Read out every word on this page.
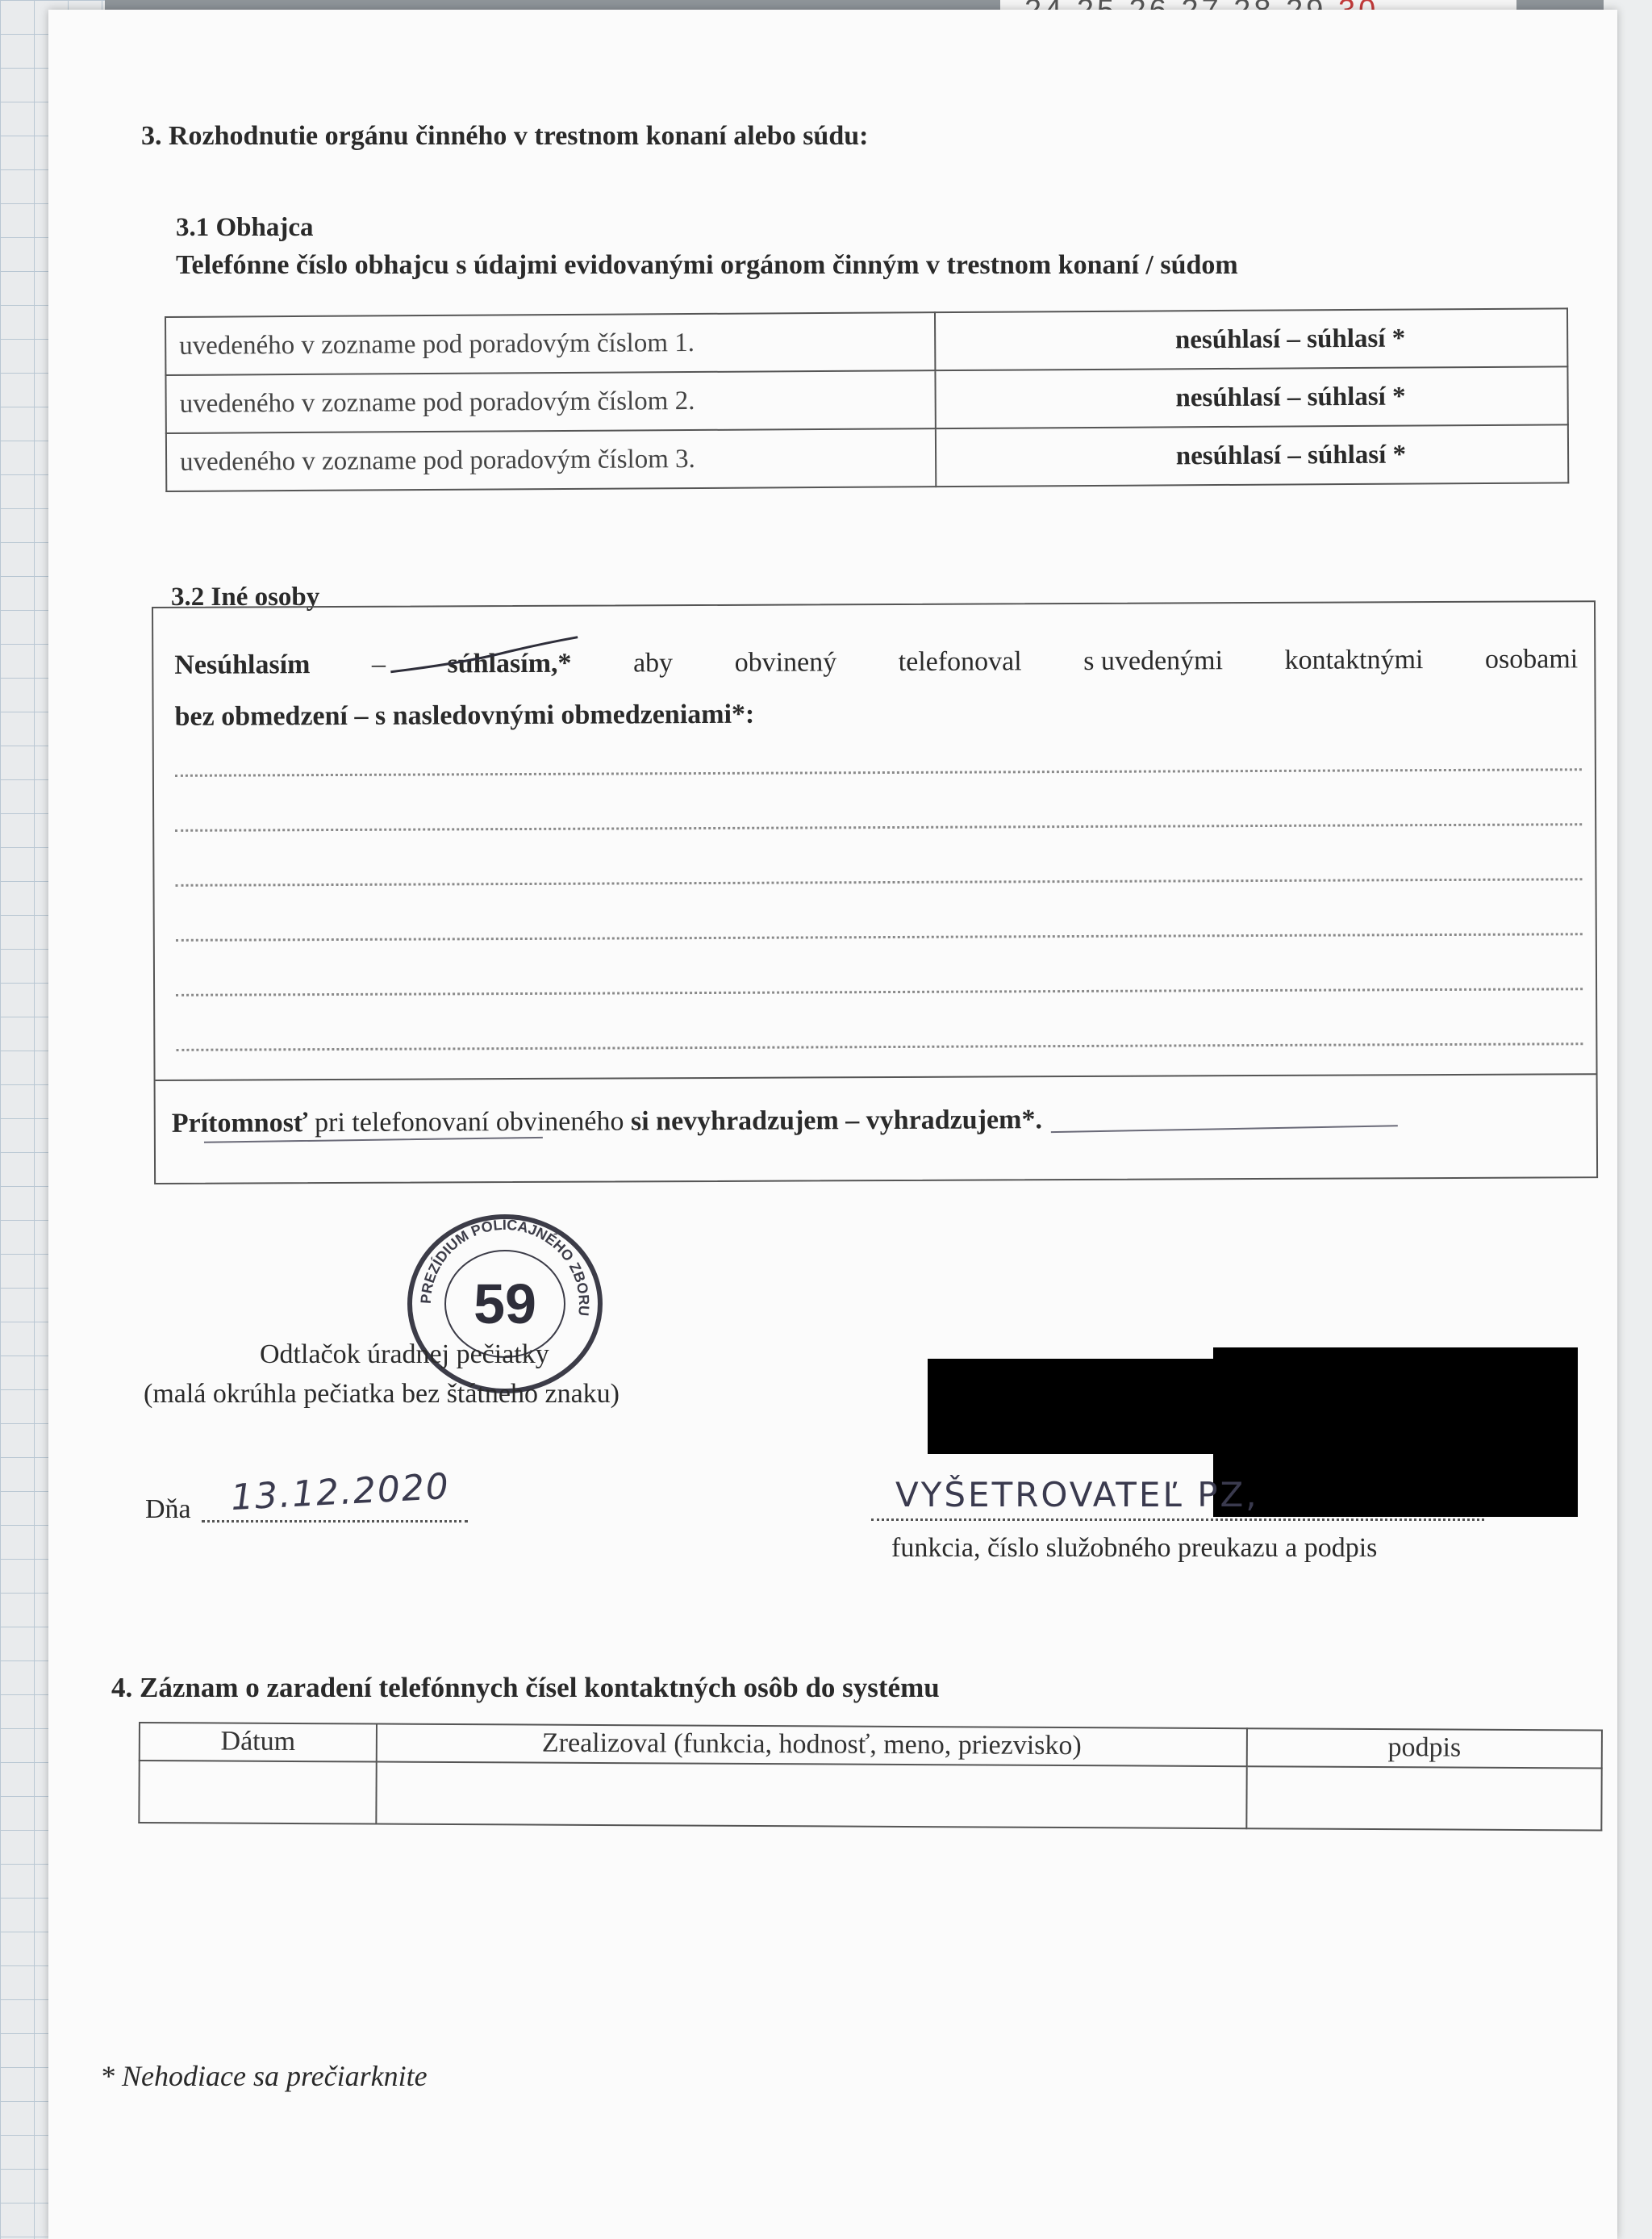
3. Rozhodnutie orgánu činného v trestnom konaní alebo súdu:
3.1 Obhajca
Telefónne číslo obhajcu s údajmi evidovanými orgánom činným v trestnom konaní / súdom
uvedeného v zozname pod poradovým číslom 1.	nesúhlasí – súhlasí *
uvedeného v zozname pod poradovým číslom 2.	nesúhlasí – súhlasí *
uvedeného v zozname pod poradovým číslom 3.	nesúhlasí – súhlasí *
3.2 Iné osoby
Nesúhlasím – súhlasím,* aby obvinený telefonoval s uvedenými kontaktnými osobami
bez obmedzení – s nasledovnými obmedzeniami*:
Prítomnosť pri telefonovaní obvineného si nevyhradzujem – vyhradzujem*.
PREZÍDIUM POLICAJNÉHO ZBORU
59
Odtlačok úradnej pečiatky
(malá okrúhla pečiatka bez štátneho znaku)
Dňa 13.12.2020	VYŠETROVATEĽ PZ,
funkcia, číslo služobného preukazu a podpis
4. Záznam o zaradení telefónnych čísel kontaktných osôb do systému
Dátum	Zrealizoval (funkcia, hodnosť, meno, priezvisko)	podpis

* Nehodiace sa prečiarknite
